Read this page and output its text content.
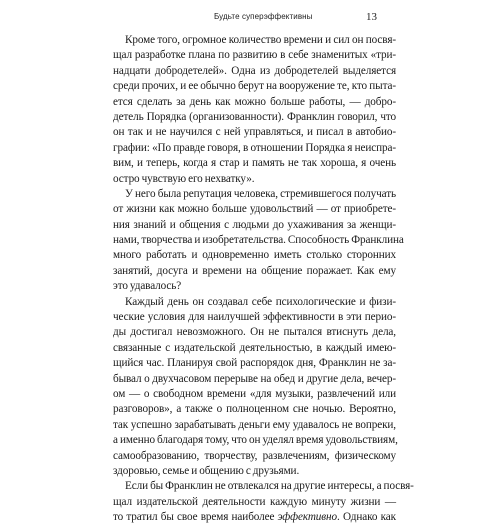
Будьте суперэффективны	13
Кроме того, огромное количество времени и сил он посвя-
щал разработке плана по развитию в себе знаменитых «три-
надцати добродетелей». Одна из добродетелей выделяется
среди прочих, и ее обычно берут на вооружение те, кто пыта-
ется сделать за день как можно больше работы, — добро-
детель Порядка (организованности). Франклин говорил, что
он так и не научился с ней управляться, и писал в автобио-
графии: «По правде говоря, в отношении Порядка я неиспра-
вим, и теперь, когда я стар и память не так хороша, я очень
остро чувствую его нехватку».
У него была репутация человека, стремившегося получать
от жизни как можно больше удовольствий — от приобрете-
ния знаний и общения с людьми до ухаживания за женщи-
нами, творчества и изобретательства. Способность Франклина
много работать и одновременно иметь столько сторонних
занятий, досуга и времени на общение поражает. Как ему
это удавалось?
Каждый день он создавал себе психологические и физи-
ческие условия для наилучшей эффективности в эти перио-
ды достигал невозможного. Он не пытался втиснуть дела,
связанные с издательской деятельностью, в каждый имею-
щийся час. Планируя свой распорядок дня, Франклин не за-
бывал о двухчасовом перерыве на обед и другие дела, вечер-
ом — о свободном времени «для музыки, развлечений или
разговоров», а также о полноценном сне ночью. Вероятно,
так успешно зарабатывать деньги ему удавалось не вопреки,
а именно благодаря тому, что он уделял время удовольствиям,
самообразованию, творчеству, развлечениям, физическому
здоровью, семье и общению с друзьями.
Если бы Франклин не отвлекался на другие интересы, а посвя-
щал издательской деятельности каждую минуту жизни —
то тратил бы свое время наиболее эффективно. Однако как
